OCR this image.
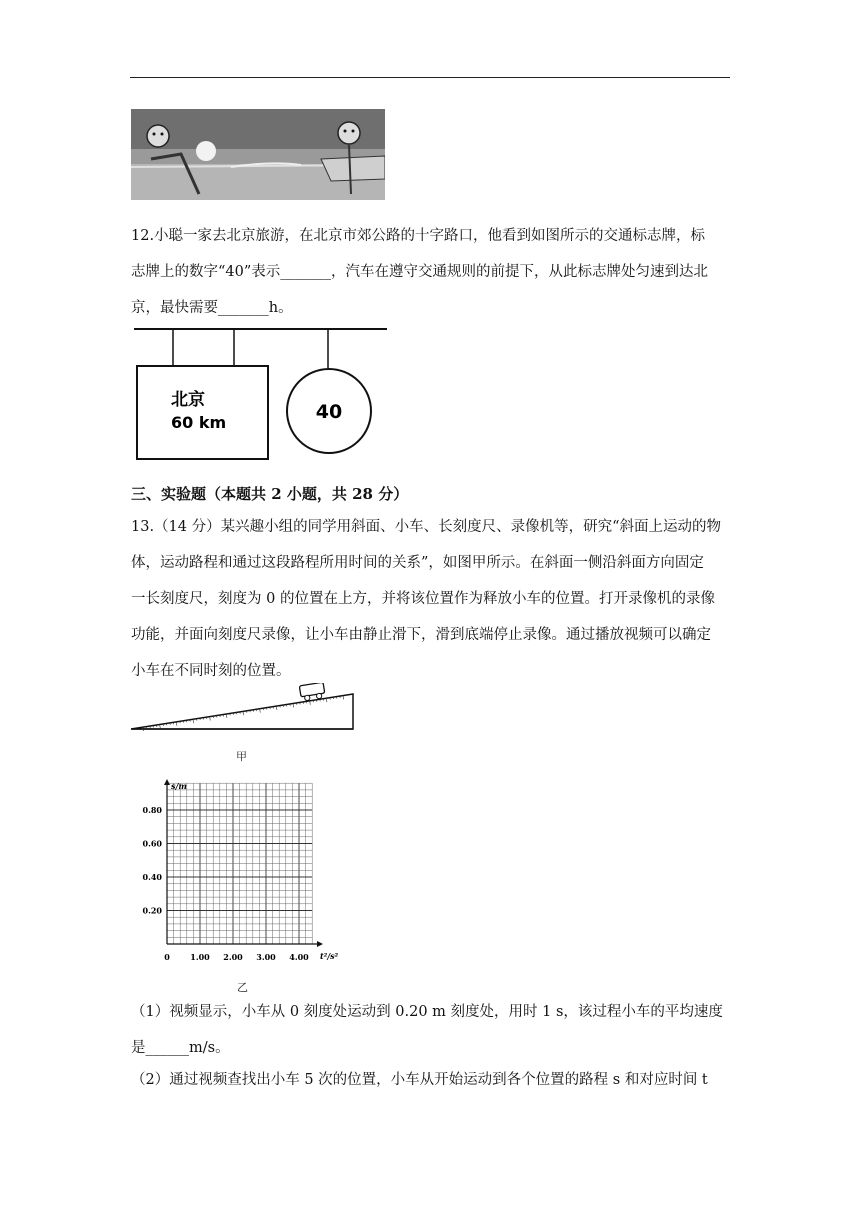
12.小聪一家去北京旅游，在北京市郊公路的十字路口，他看到如图所示的交通标志牌，标
志牌上的数字“40”表示_______，汽车在遵守交通规则的前提下，从此标志牌处匀速到达北
京，最快需要_______h。
北京
60 km	40
三、实验题（本题共 2 小题，共 28 分）
13.（14 分）某兴趣小组的同学用斜面、小车、长刻度尺、录像机等，研究“斜面上运动的物
体，运动路程和通过这段路程所用时间的关系”，如图甲所示。在斜面一侧沿斜面方向固定
一长刻度尺，刻度为 0 的位置在上方，并将该位置作为释放小车的位置。打开录像机的录像
功能，并面向刻度尺录像，让小车由静止滑下，滑到底端停止录像。通过播放视频可以确定
小车在不同时刻的位置。
甲
s/m
t²/s²
0
0.20
0.40
0.60
0.80
1.00 2.00 3.00 4.00
乙
（1）视频显示，小车从 0 刻度处运动到 0.20 m 刻度处，用时 1 s，该过程小车的平均速度
是______m/s。
（2）通过视频查找出小车 5 次的位置，小车从开始运动到各个位置的路程 s 和对应时间 t
